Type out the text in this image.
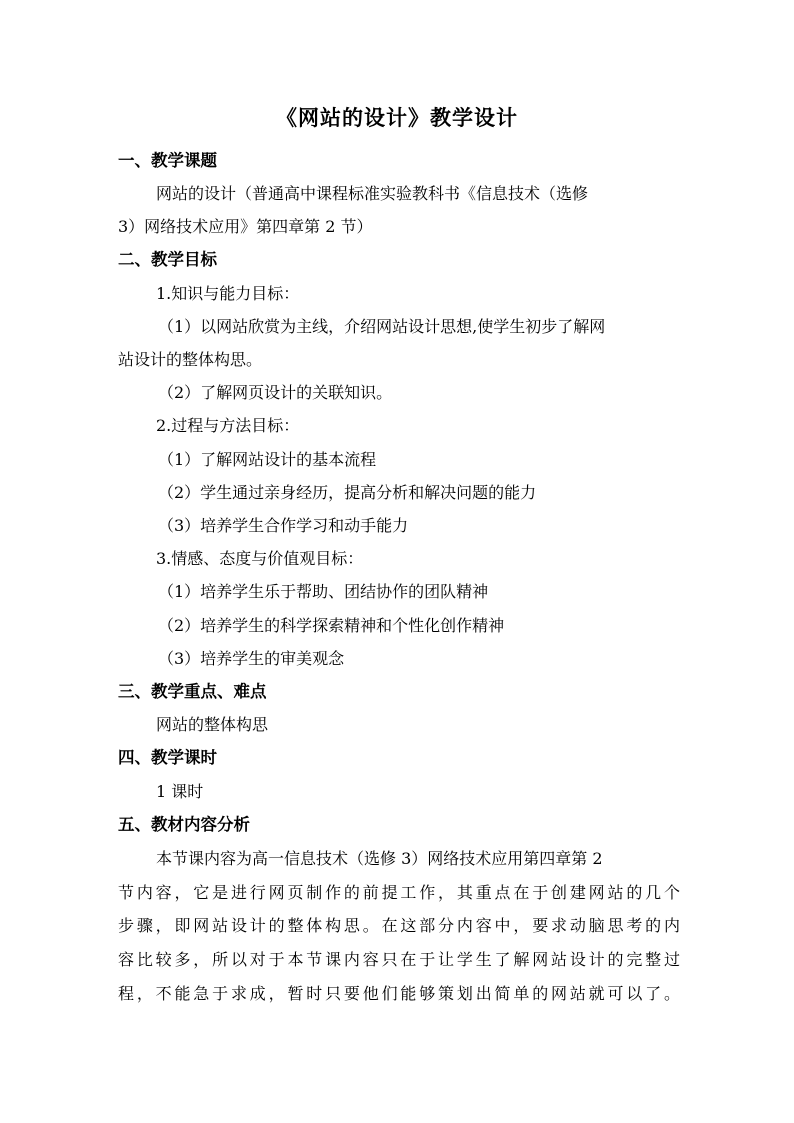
《网站的设计》教学设计
一、教学课题
网站的设计（普通高中课程标准实验教科书《信息技术（选修
3）网络技术应用》第四章第 2 节）
二、教学目标
1.知识与能力目标：
（1）以网站欣赏为主线，介绍网站设计思想,使学生初步了解网
站设计的整体构思。
（2）了解网页设计的关联知识。
2.过程与方法目标：
（1）了解网站设计的基本流程
（2）学生通过亲身经历，提高分析和解决问题的能力
（3）培养学生合作学习和动手能力
3.情感、态度与价值观目标：
（1）培养学生乐于帮助、团结协作的团队精神
（2）培养学生的科学探索精神和个性化创作精神
（3）培养学生的审美观念
三、教学重点、难点
网站的整体构思
四、教学课时
1 课时
五、教材内容分析
本节课内容为高一信息技术（选修 3）网络技术应用第四章第 2
节内容，它是进行网页制作的前提工作，其重点在于创建网站的几个
步骤，即网站设计的整体构思。在这部分内容中，要求动脑思考的内
容比较多，所以对于本节课内容只在于让学生了解网站设计的完整过
程，不能急于求成，暂时只要他们能够策划出简单的网站就可以了。
